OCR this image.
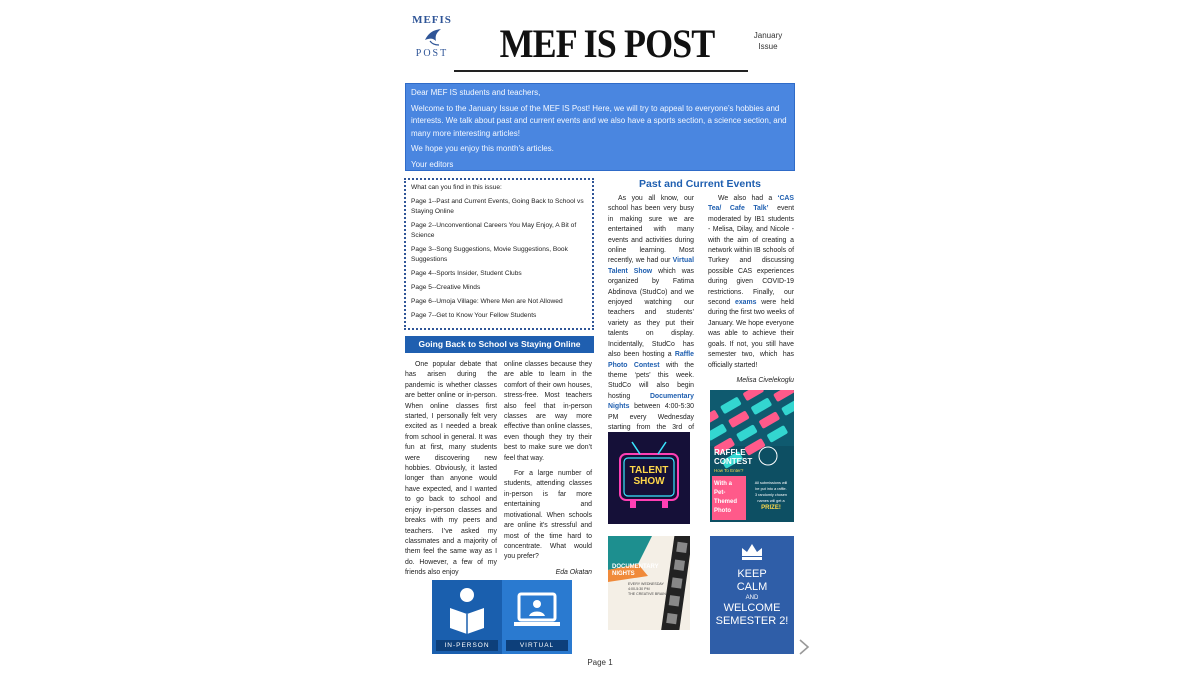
MEFIS
POST MEF IS POST	January
Issue

Dear MEF IS students and teachers,

Welcome to the January Issue of the MEF IS Post! Here, we will try to appeal to everyone’s hobbies and interests. We talk about past and current events and we also have a sports section, a science section, and many more interesting articles!

We hope you enjoy this month’s articles.

Your editors

What can you find in this issue:
Page 1--Past and Current Events, Going Back to School vs Staying Online
Page 2--Unconventional Careers You May Enjoy, A Bit of Science
Page 3--Song Suggestions, Movie Suggestions, Book Suggestions
Page 4--Sports Insider, Student Clubs
Page 5--Creative Minds
Page 6--Umoja Village: Where Men are Not Allowed
Page 7--Get to Know Your Fellow Students
Going Back to School vs Staying Online

One popular debate that has arisen during the pandemic is whether classes are better online or in-person. When online classes first started, I personally felt very excited as I needed a break from school in general. It was fun at first, many students were discovering new hobbies. Obviously, it lasted longer than anyone would have expected, and I wanted to go back to school and enjoy in-person classes and breaks with my peers and teachers. I’ve asked my classmates and a majority of them feel the same way as I do. However, a few of my friends also enjoy

online classes because they are able to learn in the comfort of their own houses, stress-free. Most teachers also feel that in-person classes are way more effective than online classes, even though they try their best to make sure we don’t feel that way.

For a large number of students, attending classes in-person is far more entertaining and motivational. When schools are online it’s stressful and most of the time hard to concentrate. What would you prefer?

Eda Okatan
IN-PERSON	VIRTUAL
Past and Current Events

As you all know, our school has been very busy in making sure we are entertained with many events and activities during online learning. Most recently, we had our Virtual Talent Show which was organized by Fatima Abdinova (StudCo) and we enjoyed watching our teachers and students’ variety as they put their talents on display. Incidentally, StudCo has also been hosting a Raffle Photo Contest with the theme ‘pets’ this week. StudCo will also begin hosting Documentary Nights between 4:00-5:30 PM every Wednesday starting from the 3rd of

We also had a ‘CAS Tea/ Cafe Talk’ event moderated by IB1 students - Melisa, Dilay, and Nicole - with the aim of creating a network within IB schools of Turkey and discussing possible CAS experiences during given COVID-19 restrictions. Finally, our second exams were held during the first two weeks of January. We hope everyone was able to achieve their goals. If not, you still have semester two, which has officially started!

Melisa Civelekoglu
TALENT
SHOW
RAFFLE
CONTEST
How To Enter?
With a
Pet-
Themed
Photo
All submissions will
be put into a raffle.
3 randomly chosen
names will get a
PRIZE!
DOCUMENTARY
NIGHTS
EVERY WEDNESDAY
4:00-5:30 PM
THE CREATIVE BRAIN
KEEP
CALM
AND
WELCOME
SEMESTER 2!
Page 1
